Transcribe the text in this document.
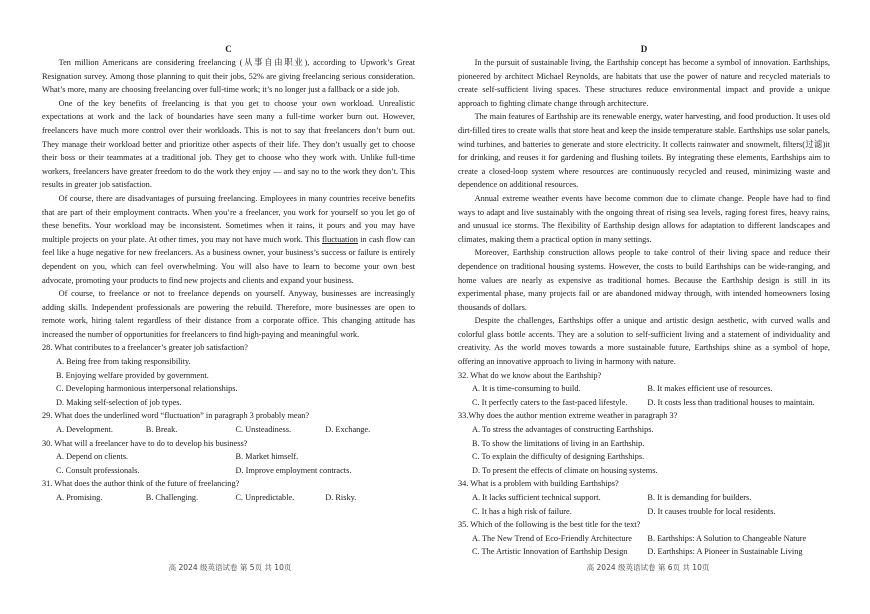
C

Ten million Americans are considering freelancing (从事自由职业), according to Upwork’s Great Resignation survey. Among those planning to quit their jobs, 52% are giving freelancing serious consideration. What’s more, many are choosing freelancing over full-time work; it’s no longer just a fallback or a side job.

One of the key benefits of freelancing is that you get to choose your own workload. Unrealistic expectations at work and the lack of boundaries have seen many a full-time worker burn out. However, freelancers have much more control over their workloads. This is not to say that freelancers don’t burn out. They manage their workload better and prioritize other aspects of their life. They don’t usually get to choose their boss or their teammates at a traditional job. They get to choose who they work with. Unlike full-time workers, freelancers have greater freedom to do the work they enjoy — and say no to the work they don’t. This results in greater job satisfaction.

Of course, there are disadvantages of pursuing freelancing. Employees in many countries receive benefits that are part of their employment contracts. When you’re a freelancer, you work for yourself so you let go of these benefits. Your workload may be inconsistent. Sometimes when it rains, it pours and you may have multiple projects on your plate. At other times, you may not have much work. This fluctuation in cash flow can feel like a huge negative for new freelancers. As a business owner, your business’s success or failure is entirely dependent on you, which can feel overwhelming. You will also have to learn to become your own best advocate, promoting your products to find new projects and clients and expand your business.

Of course, to freelance or not to freelance depends on yourself. Anyway, businesses are increasingly adding skills. Independent professionals are powering the rebuild. Therefore, more businesses are open to remote work, hiring talent regardless of their distance from a corporate office. This changing attitude has increased the number of opportunities for freelancers to find high-paying and meaningful work.

28. What contributes to a freelancer’s greater job satisfaction?
A. Being free from taking responsibility.
B. Enjoying welfare provided by government.
C. Developing harmonious interpersonal relationships.
D. Making self-selection of job types.
29. What does the underlined word “fluctuation” in paragraph 3 probably mean?
A. Development.	B. Break.	C. Unsteadiness.	D. Exchange.
30. What will a freelancer have to do to develop his business?
A. Depend on clients.	B. Market himself.
C. Consult professionals.	D. Improve employment contracts.
31. What does the author think of the future of freelancing?
A. Promising.	B. Challenging.	C. Unpredictable.	D. Risky.
D

In the pursuit of sustainable living, the Earthship concept has become a symbol of innovation. Earthships, pioneered by architect Michael Reynolds, are habitats that use the power of nature and recycled materials to create self-sufficient living spaces. These structures reduce environmental impact and provide a unique approach to fighting climate change through architecture.

The main features of Earthship are its renewable energy, water harvesting, and food production. It uses old dirt-filled tires to create walls that store heat and keep the inside temperature stable. Earthships use solar panels, wind turbines, and batteries to generate and store electricity. It collects rainwater and snowmelt, filters(过滤)it for drinking, and reuses it for gardening and flushing toilets. By integrating these elements, Earthships aim to create a closed-loop system where resources are continuously recycled and reused, minimizing waste and dependence on additional resources.

Annual extreme weather events have become common due to climate change. People have had to find ways to adapt and live sustainably with the ongoing threat of rising sea levels, raging forest fires, heavy rains, and unusual ice storms. The flexibility of Earthship design allows for adaptation to different landscapes and climates, making them a practical option in many settings.

Moreover, Earthship construction allows people to take control of their living space and reduce their dependence on traditional housing systems. However, the costs to build Earthships can be wide-ranging, and home values are nearly as expensive as traditional homes. Because the Earthship design is still in its experimental phase, many projects fail or are abandoned midway through, with intended homeowners losing thousands of dollars.

Despite the challenges, Earthships offer a unique and artistic design aesthetic, with curved walls and colorful glass bottle accents. They are a solution to self-sufficient living and a statement of individuality and creativity. As the world moves towards a more sustainable future, Earthships shine as a symbol of hope, offering an innovative approach to living in harmony with nature.

32. What do we know about the Earthship?
A. It is time-consuming to build.	B. It makes efficient use of resources.
C. It perfectly caters to the fast-paced lifestyle.	D. It costs less than traditional houses to maintain.
33.Why does the author mention extreme weather in paragraph 3?
A. To stress the advantages of constructing Earthships.
B. To show the limitations of living in an Earthship.
C. To explain the difficulty of designing Earthships.
D. To present the effects of climate on housing systems.
34. What is a problem with building Earthships?
A. It lacks sufficient technical support.	B. It is demanding for builders.
C. It has a high risk of failure.	D. It causes trouble for local residents.
35. Which of the following is the best title for the text?
A. The New Trend of Eco-Friendly Architecture	B. Earthships: A Solution to Changeable Nature
C. The Artistic Innovation of Earthship Design	D. Earthships: A Pioneer in Sustainable Living
高 2024 级英语试卷 第 5页 共 10页	高 2024 级英语试卷 第 6页 共 10页
